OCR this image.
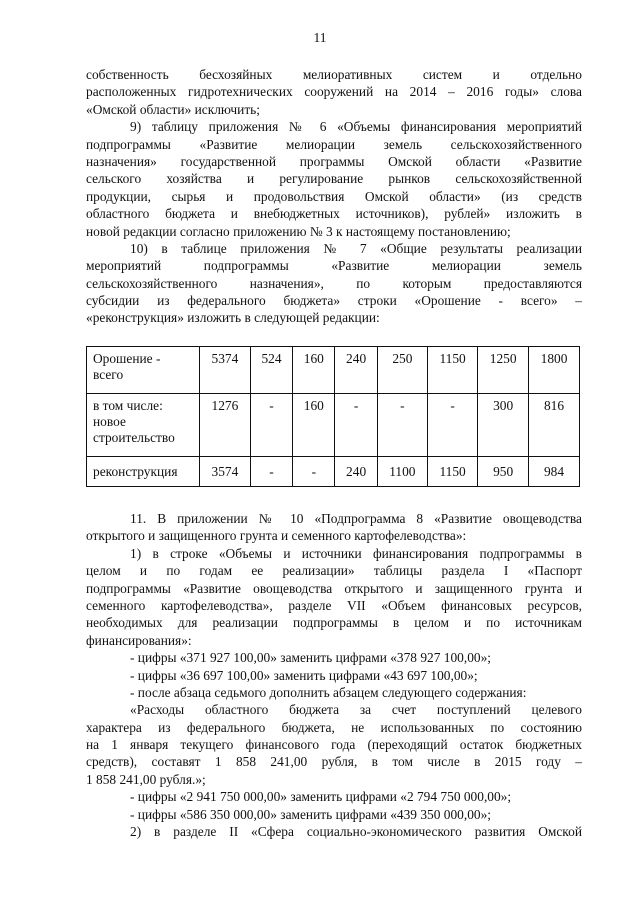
11
собственность бесхозяйных мелиоративных систем и отдельно
расположенных гидротехнических сооружений на 2014 – 2016 годы» слова
«Омской области» исключить;
9) таблицу приложения № 6 «Объемы финансирования мероприятий
подпрограммы «Развитие мелиорации земель сельскохозяйственного
назначения» государственной программы Омской области «Развитие
сельского хозяйства и регулирование рынков сельскохозяйственной
продукции, сырья и продовольствия Омской области» (из средств
областного бюджета и внебюджетных источников), рублей» изложить в
новой редакции согласно приложению № 3 к настоящему постановлению;
10) в таблице приложения № 7 «Общие результаты реализации
мероприятий подпрограммы «Развитие мелиорации земель
сельскохозяйственного назначения», по которым предоставляются
субсидии из федерального бюджета» строки «Орошение - всего» –
«реконструкция» изложить в следующей редакции:
Орошение - всего	5374	524	160	240	250	1150	1250	1800
в том числе: новое строительство	1276	-	160	-	-	-	300	816
реконструкция	3574	-	-	240	1100	1150	950	984
11. В приложении № 10 «Подпрограмма 8 «Развитие овощеводства
открытого и защищенного грунта и семенного картофелеводства»:
1) в строке «Объемы и источники финансирования подпрограммы в
целом и по годам ее реализации» таблицы раздела I «Паспорт
подпрограммы «Развитие овощеводства открытого и защищенного грунта и
семенного картофелеводства», разделе VII «Объем финансовых ресурсов,
необходимых для реализации подпрограммы в целом и по источникам
финансирования»:
- цифры «371 927 100,00» заменить цифрами «378 927 100,00»;
- цифры «36 697 100,00» заменить цифрами «43 697 100,00»;
- после абзаца седьмого дополнить абзацем следующего содержания:
«Расходы областного бюджета за счет поступлений целевого
характера из федерального бюджета, не использованных по состоянию
на 1 января текущего финансового года (переходящий остаток бюджетных
средств), составят 1 858 241,00 рубля, в том числе в 2015 году –
1 858 241,00 рубля.»;
- цифры «2 941 750 000,00» заменить цифрами «2 794 750 000,00»;
- цифры «586 350 000,00» заменить цифрами «439 350 000,00»;
2) в разделе II «Сфера социально-экономического развития Омской
